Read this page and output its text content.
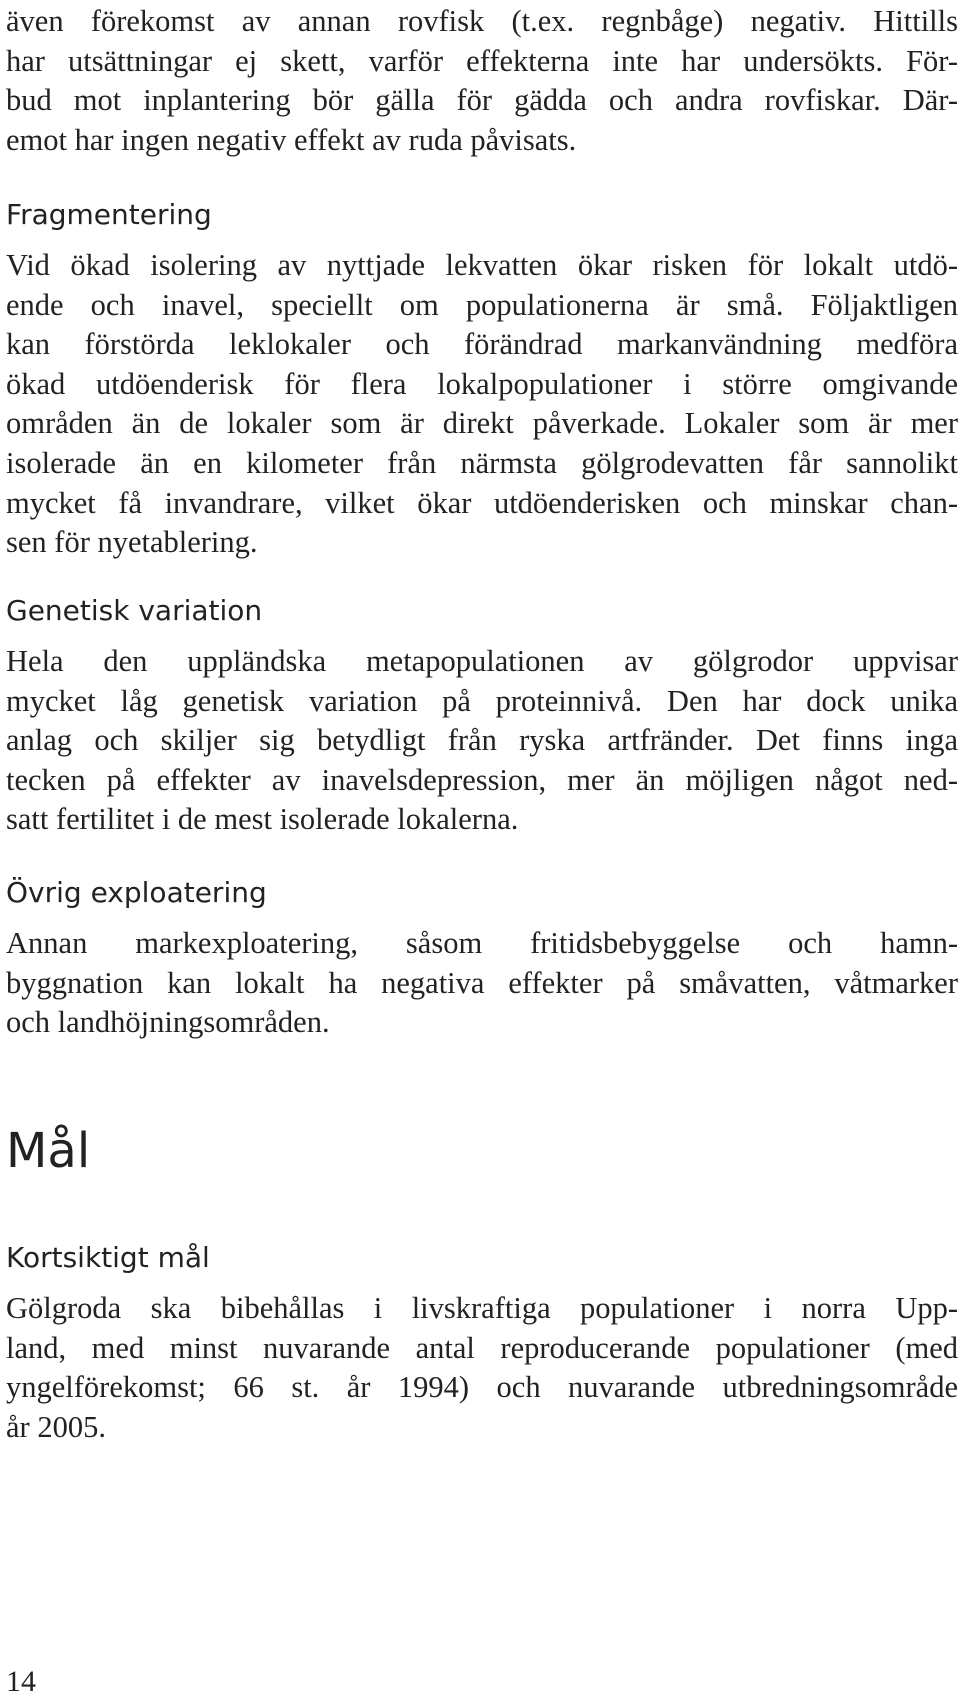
även förekomst av annan rovfisk (t.ex. regnbåge) negativ. Hittills
har utsättningar ej skett, varför effekterna inte har undersökts. För-
bud mot inplantering bör gälla för gädda och andra rovfiskar. Där-
emot har ingen negativ effekt av ruda påvisats.

Fragmentering

Vid ökad isolering av nyttjade lekvatten ökar risken för lokalt utdö-
ende och inavel, speciellt om populationerna är små. Följaktligen
kan förstörda leklokaler och förändrad markanvändning medföra
ökad utdöenderisk för flera lokalpopulationer i större omgivande
områden än de lokaler som är direkt påverkade. Lokaler som är mer
isolerade än en kilometer från närmsta gölgrodevatten får sannolikt
mycket få invandrare, vilket ökar utdöenderisken och minskar chan-
sen för nyetablering.

Genetisk variation

Hela den uppländska metapopulationen av gölgrodor uppvisar
mycket låg genetisk variation på proteinnivå. Den har dock unika
anlag och skiljer sig betydligt från ryska artfränder. Det finns inga
tecken på effekter av inavelsdepression, mer än möjligen något ned-
satt fertilitet i de mest isolerade lokalerna.

Övrig exploatering

Annan markexploatering, såsom fritidsbebyggelse och hamn-
byggnation kan lokalt ha negativa effekter på småvatten, våtmarker
och landhöjningsområden.

Mål
Kortsiktigt mål

Gölgroda ska bibehållas i livskraftiga populationer i norra Upp-
land, med minst nuvarande antal reproducerande populationer (med
yngelförekomst; 66 st. år 1994) och nuvarande utbredningsområde
år 2005.

14
